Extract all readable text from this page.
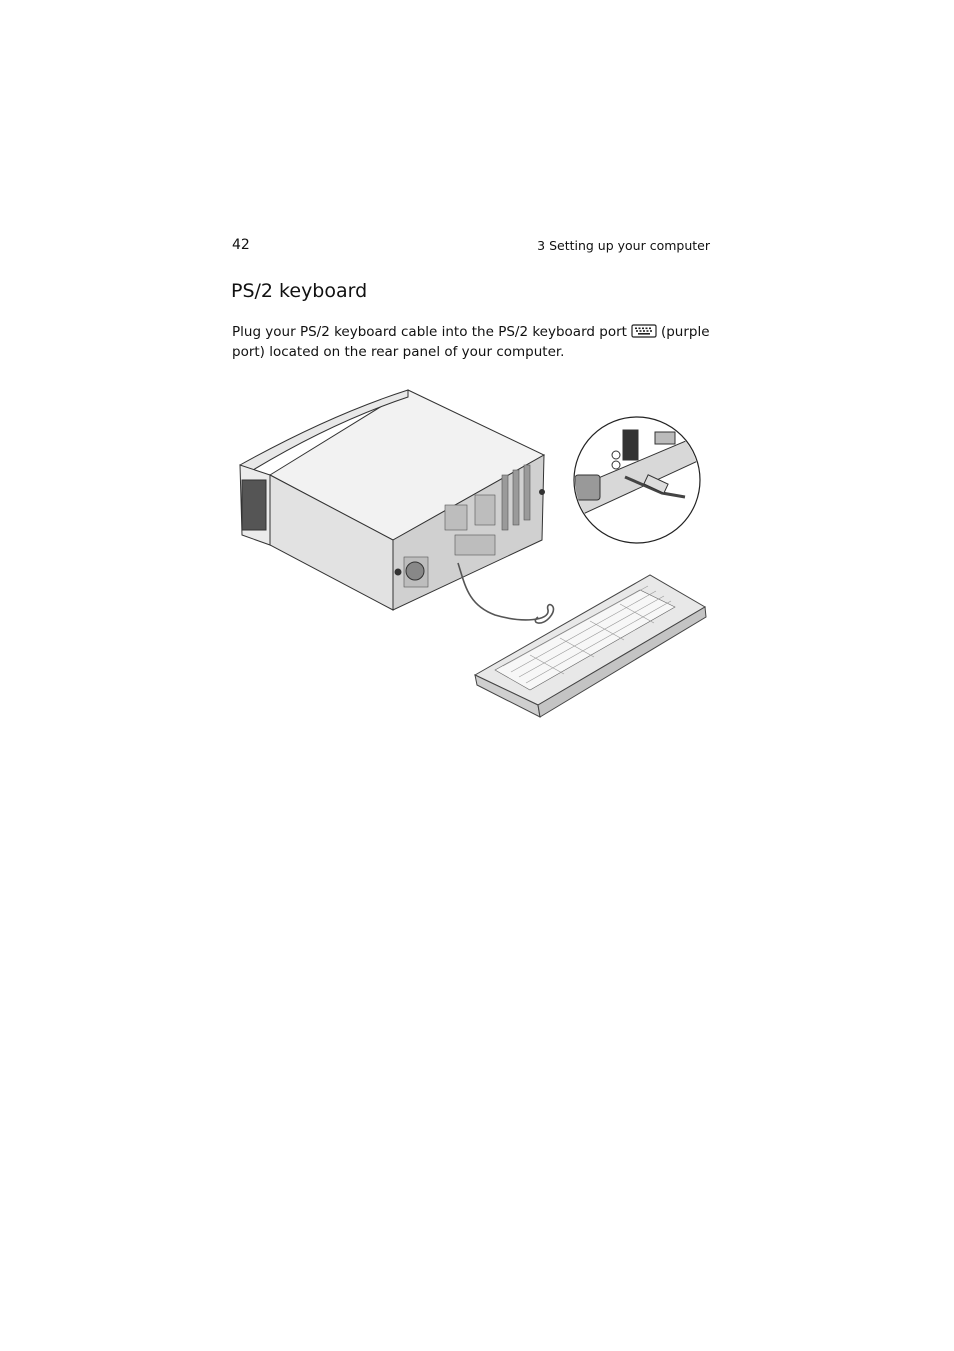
42	3 Setting up your computer
PS/2 keyboard

Plug your PS/2 keyboard cable into the PS/2 keyboard port	(purple port) located on the rear panel of your computer.
